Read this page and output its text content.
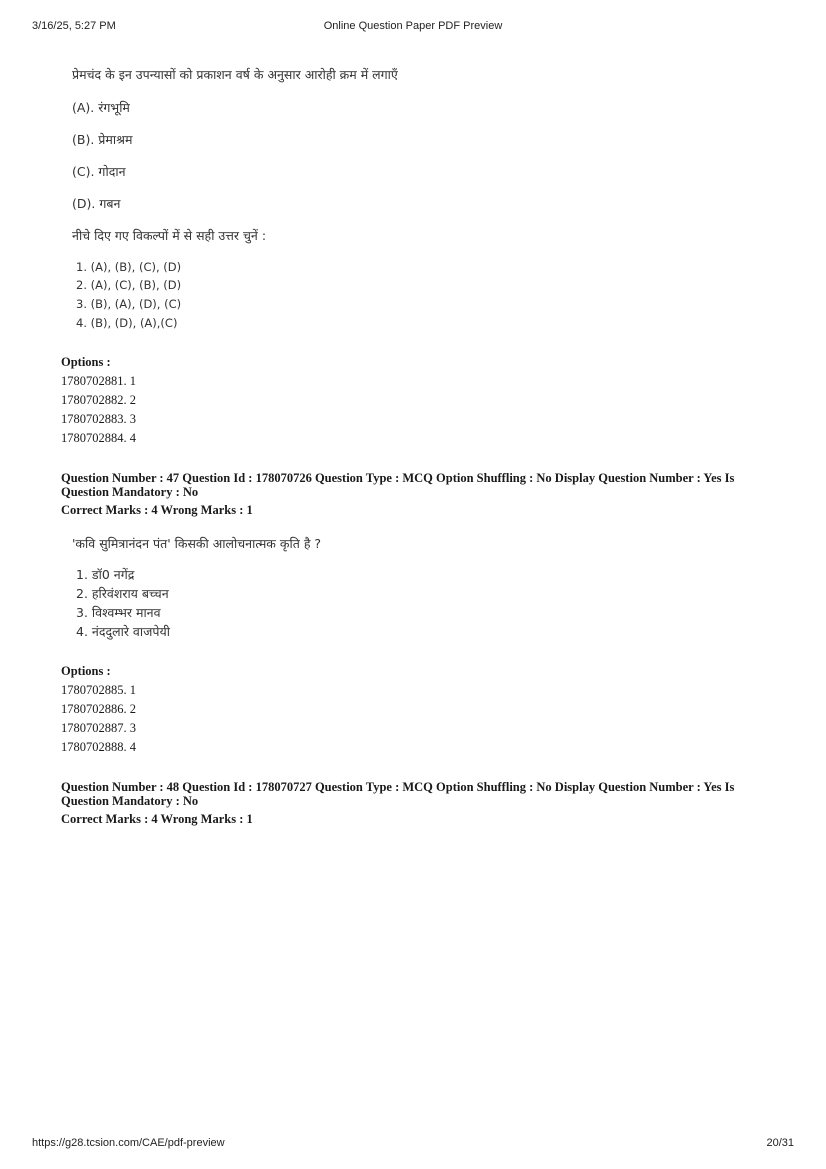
3/16/25, 5:27 PM	Online Question Paper PDF Preview
प्रेमचंद के इन उपन्यासों को प्रकाशन वर्ष के अनुसार आरोही क्रम में लगाएँ
(A). रंगभूमि
(B). प्रेमाश्रम
(C). गोदान
(D). गबन
नीचे दिए गए विकल्पों में से सही उत्तर चुनें :
1. (A), (B), (C), (D)
2. (A), (C), (B), (D)
3. (B), (A), (D), (C)
4. (B), (D), (A),(C)
Options :
1780702881. 1
1780702882. 2
1780702883. 3
1780702884. 4
Question Number : 47 Question Id : 178070726 Question Type : MCQ Option Shuffling : No Display Question Number : Yes Is
Question Mandatory : No
Correct Marks : 4 Wrong Marks : 1
'कवि सुमित्रानंदन पंत' किसकी आलोचनात्मक कृति है ?
1. डॉ0 नगेंद्र
2. हरिवंशराय बच्चन
3. विश्वम्भर मानव
4. नंददुलारे वाजपेयी
Options :
1780702885. 1
1780702886. 2
1780702887. 3
1780702888. 4
Question Number : 48 Question Id : 178070727 Question Type : MCQ Option Shuffling : No Display Question Number : Yes Is
Question Mandatory : No
Correct Marks : 4 Wrong Marks : 1
https://g28.tcsion.com/CAE/pdf-preview	20/31
